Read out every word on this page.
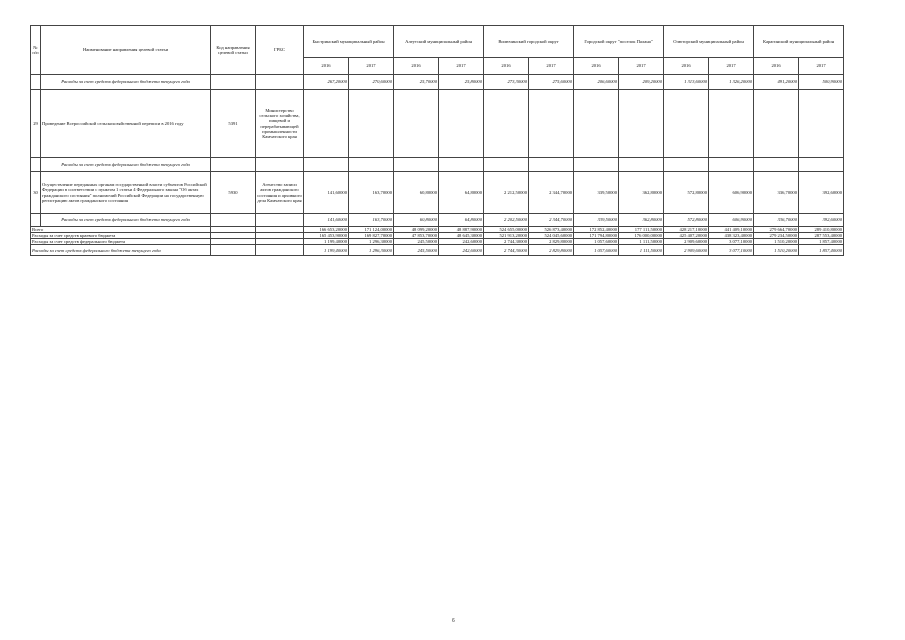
№ п/п	Наименование направления целевой статьи	Код направления целевой статьи	ГРБС	Быстринский муниципальный район		Алеутский муниципальный район		Вилючинский городской округ		Городской округ "поселок Палана"		Олюторский муниципальный район		Карагинский муниципальный район	
				2016	2017	2016	2017	2016	2017	2016	2017	2016	2017	2016	2017
	Расходы за счет средств федерального бюджета текущего года			267,20000	270,60000	25,70000	25,80000	273,30000	275,60000	206,60000	209,20000	1 313,60000	1 326,20000	491,20000	500,90000
29	Проведение Всероссийской сельскохозяйственной переписи в 2016 году	5391	Министерство сельского хозяйства, пищевой и перерабатывающей промышленности Камчатского края												
	Расходы за счет средств федерального бюджета текущего года														
30	Осуществление переданных органам государственной власти субъектов Российской Федерации в соответствии с пунктом 1 статьи 4 Федерального закона "Об актах гражданского состояния" полномочий Российской Федерации на государственную регистрацию актов гражданского состояния	5930	Агентство записи актов гражданского состояния и архивного дела Камчатского края	141,60000	163,70000	60,80000	64,80000	2 212,50000	2 344,70000	339,50000	362,80000	572,80000	606,90000	336,70000	392,60000
	Расходы за счет средств федерального бюджета текущего года			141,60000	163,70000	60,80000	64,80000	2 202,50000	2 344,70000	339,50000	362,80000	572,80000	606,90000	336,70000	392,60000
Всего				166 653,20000	171 124,00000	48 099,20000	48 887,90000	524 655,00000	526 873,40000	172 852,40000	177 111,50000	428 217,10000	441 409,10000	279 664,70000	289 410,80000
Расходы за счет средств краевого бюджета				165 453,90000	169 827,70000	47 853,70000	48 645,30000	521 913,20000	524 045,60000	171 794,80000	176 000,00000	425 407,20000	438 323,40000	279 234,50000	287 553,40000
Расходы за счет средств федерального бюджета				1 199,40000	1 296,30000	245,50000	242,60000	2 744,30000	2 829,80000	1 057,60000	1 111,50000	2 909,60000	3 077,10000	1 510,20000	1 857,40000
Расходы за счет средств федерального бюджета текущего года				1 199,40000	1 296,30000	245,50000	242,60000	2 744,30000	2 829,80000	1 057,60000	1 111,50000	2 909,60000	3 077,10000	1 510,20000	1 857,40000
6
